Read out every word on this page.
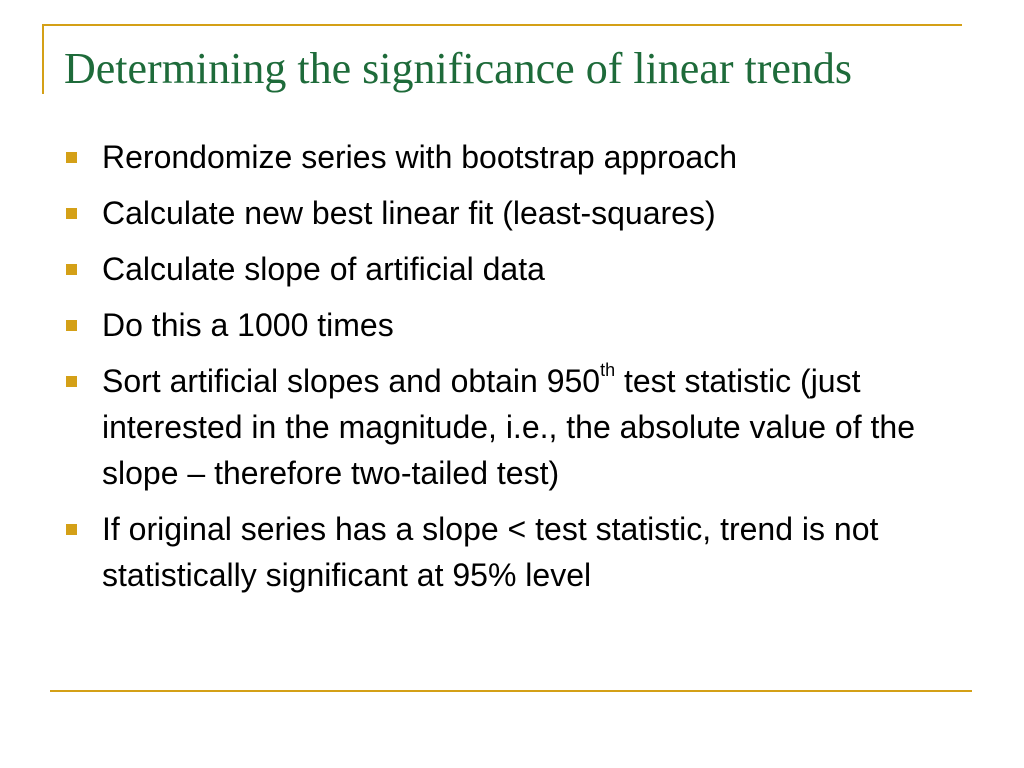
Determining the significance of linear trends
Rerondomize series with bootstrap approach
Calculate new best linear fit (least-squares)
Calculate slope of artificial data
Do this a 1000 times
Sort artificial slopes and obtain 950th test statistic (just interested in the magnitude, i.e., the absolute value of the slope – therefore two-tailed test)
If original series has a slope < test statistic, trend is not statistically significant at 95% level
